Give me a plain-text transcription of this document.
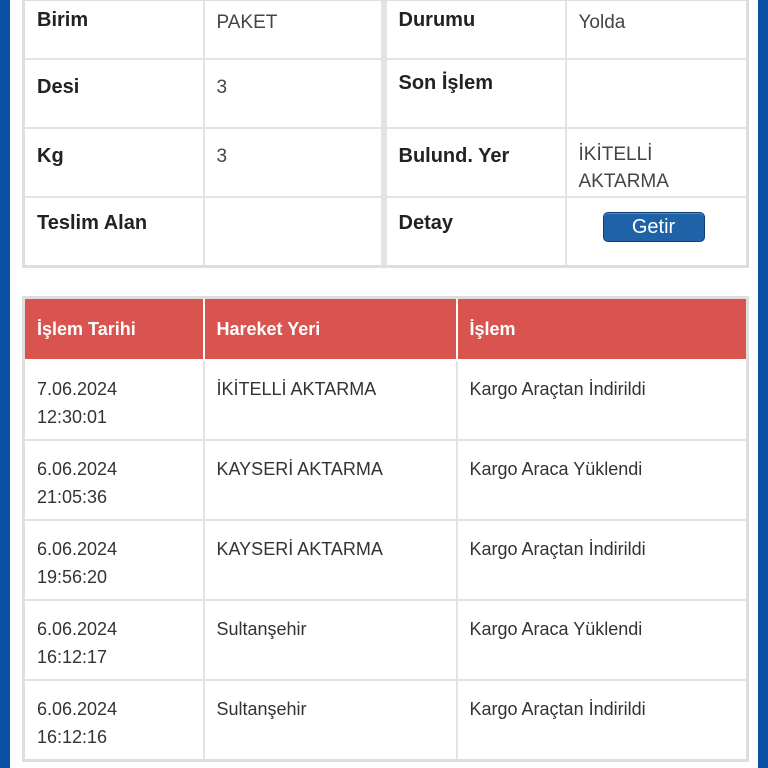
Birim	PAKET		Durumu	Yolda
Desi	3		Son İşlem	
Kg	3		Bulund. Yer	İKİTELLİ
AKTARMA

Teslim Alan			Detay	Getir
İşlem Tarihi	Hareket Yeri	İşlem

7.06.2024
12:30:01	İKİTELLİ AKTARMA	Kargo Araçtan İndirildi

6.06.2024
21:05:36	KAYSERİ AKTARMA	Kargo Araca Yüklendi

6.06.2024
19:56:20	KAYSERİ AKTARMA	Kargo Araçtan İndirildi

6.06.2024
16:12:17	Sultanşehir	Kargo Araca Yüklendi

6.06.2024
16:12:16	Sultanşehir	Kargo Araçtan İndirildi
